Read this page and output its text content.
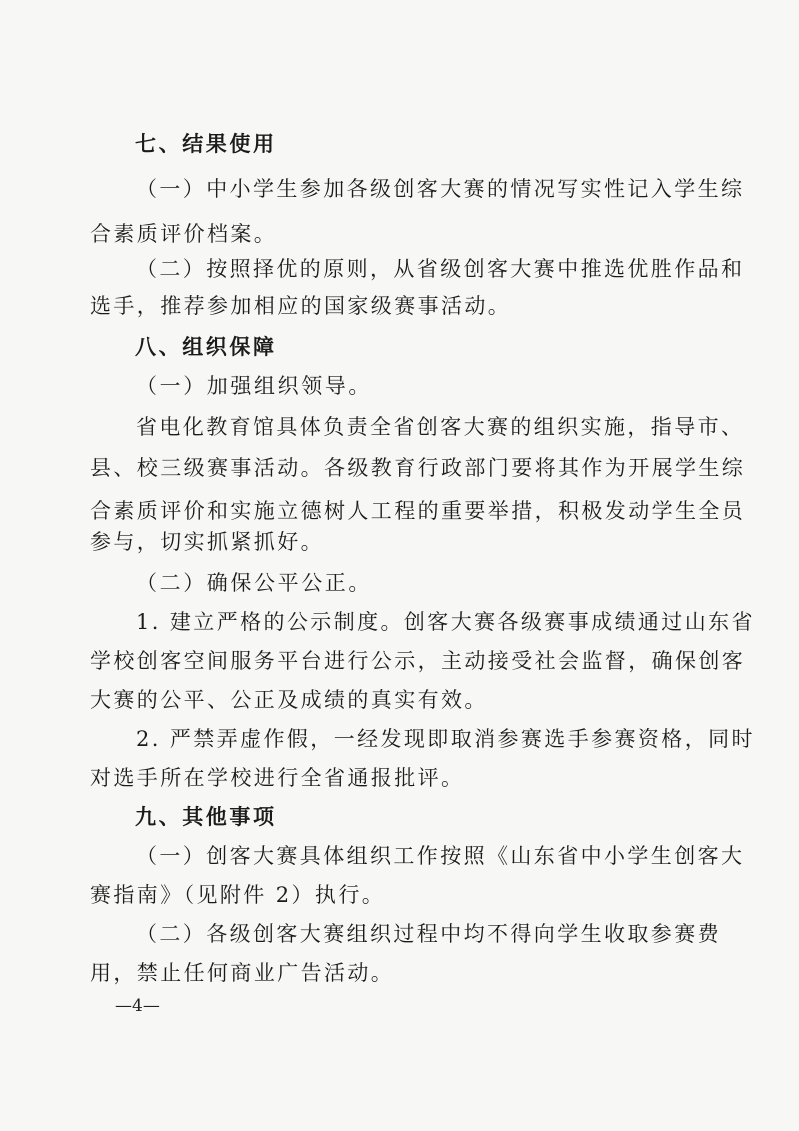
七、结果使用
（一）中小学生参加各级创客大赛的情况写实性记入学生综
合素质评价档案。
（二）按照择优的原则，从省级创客大赛中推选优胜作品和
选手，推荐参加相应的国家级赛事活动。
八、组织保障
（一）加强组织领导。
省电化教育馆具体负责全省创客大赛的组织实施，指导市、
县、校三级赛事活动。各级教育行政部门要将其作为开展学生综
合素质评价和实施立德树人工程的重要举措，积极发动学生全员
参与，切实抓紧抓好。
（二）确保公平公正。
1. 建立严格的公示制度。创客大赛各级赛事成绩通过山东省
学校创客空间服务平台进行公示，主动接受社会监督，确保创客
大赛的公平、公正及成绩的真实有效。
2. 严禁弄虚作假，一经发现即取消参赛选手参赛资格，同时
对选手所在学校进行全省通报批评。
九、其他事项
（一）创客大赛具体组织工作按照《山东省中小学生创客大
赛指南》（见附件 2）执行。
（二）各级创客大赛组织过程中均不得向学生收取参赛费
用，禁止任何商业广告活动。
—4—
